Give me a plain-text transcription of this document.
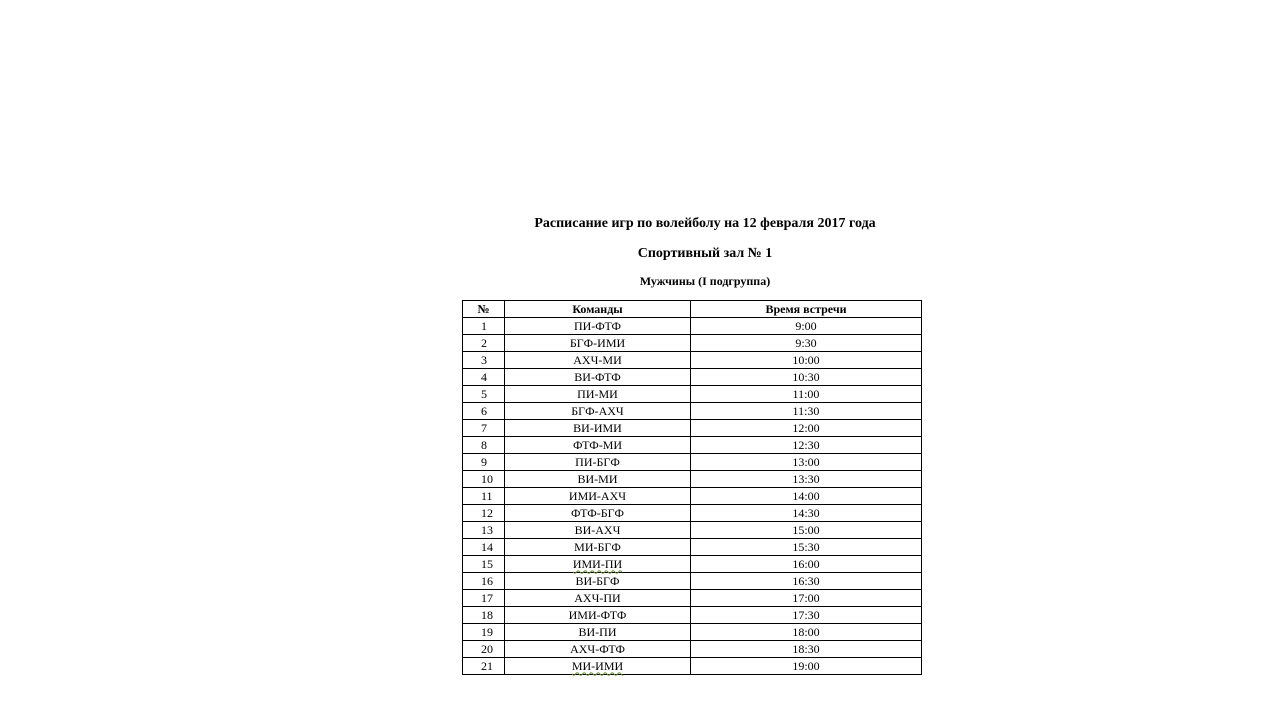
Расписание игр по волейболу на 12 февраля 2017 года
Спортивный зал № 1
Мужчины (I подгруппа)
№	Команды	Время встречи
1	ПИ-ФТФ	9:00
2	БГФ-ИМИ	9:30
3	АХЧ-МИ	10:00
4	ВИ-ФТФ	10:30
5	ПИ-МИ	11:00
6	БГФ-АХЧ	11:30
7	ВИ-ИМИ	12:00
8	ФТФ-МИ	12:30
9	ПИ-БГФ	13:00
10	ВИ-МИ	13:30
11	ИМИ-АХЧ	14:00
12	ФТФ-БГФ	14:30
13	ВИ-АХЧ	15:00
14	МИ-БГФ	15:30
15	ИМИ-ПИ	16:00
16	ВИ-БГФ	16:30
17	АХЧ-ПИ	17:00
18	ИМИ-ФТФ	17:30
19	ВИ-ПИ	18:00
20	АХЧ-ФТФ	18:30
21	МИ-ИМИ	19:00
